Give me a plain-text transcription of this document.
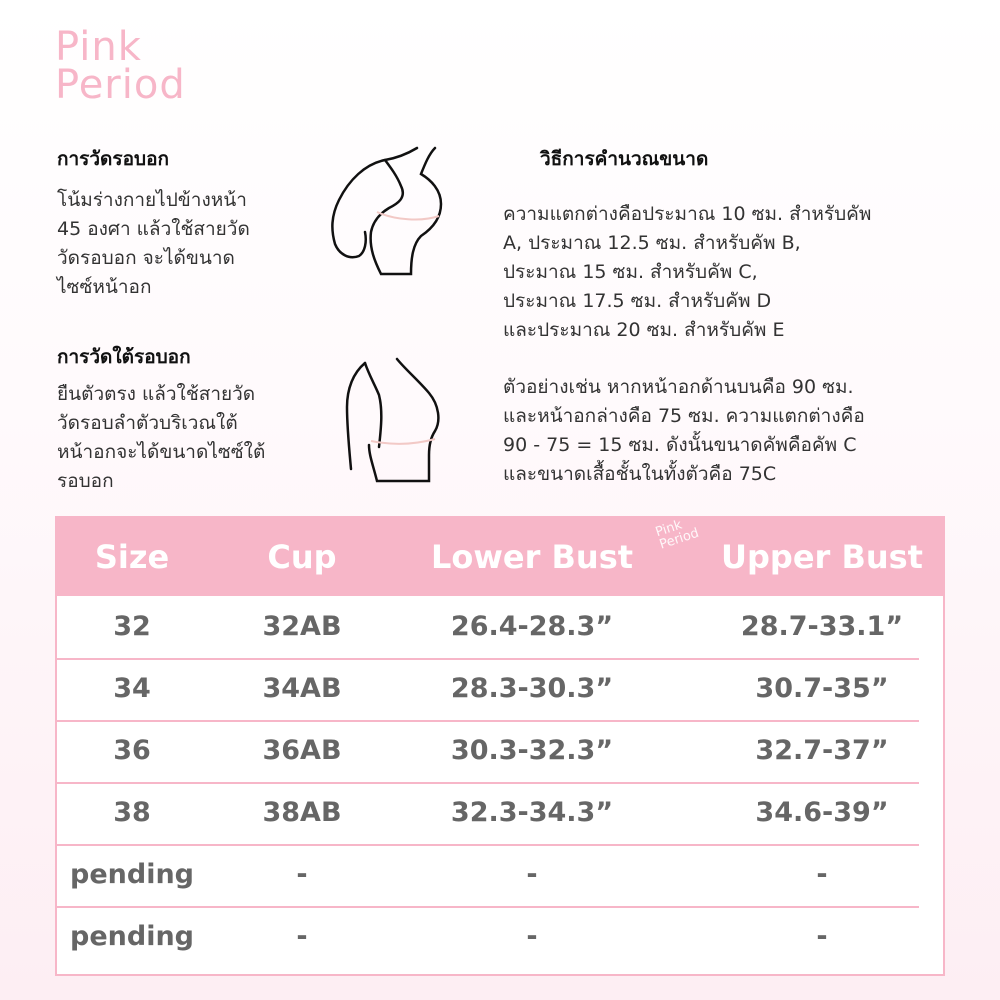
Pink
Period
การวัดรอบอก
โน้มร่างกายไปข้างหน้า
45 องศา แล้วใช้สายวัด
วัดรอบอก จะได้ขนาด
ไซซ์หน้าอก
การวัดใต้รอบอก
ยืนตัวตรง แล้วใช้สายวัด
วัดรอบลำตัวบริเวณใต้
หน้าอกจะได้ขนาดไซซ์ใต้
รอบอก
วิธีการคำนวณขนาด
ความแตกต่างคือประมาณ 10 ซม. สำหรับคัพ
A, ประมาณ 12.5 ซม. สำหรับคัพ B,
ประมาณ 15 ซม. สำหรับคัพ C,
ประมาณ 17.5 ซม. สำหรับคัพ D
และประมาณ 20 ซม. สำหรับคัพ E
ตัวอย่างเช่น หากหน้าอกด้านบนคือ 90 ซม.
และหน้าอกล่างคือ 75 ซม. ความแตกต่างคือ
90 - 75 = 15 ซม. ดังนั้นขนาดคัพคือคัพ C
และขนาดเสื้อชั้นในทั้งตัวคือ 75C
Size	Cup	Lower Bust	Upper Bust
Pink
Period
32	32AB	26.4-28.3”	28.7-33.1”
34	34AB	28.3-30.3”	30.7-35”
36	36AB	30.3-32.3”	32.7-37”
38	38AB	32.3-34.3”	34.6-39”
pending	-	-	-
pending	-	-	-
